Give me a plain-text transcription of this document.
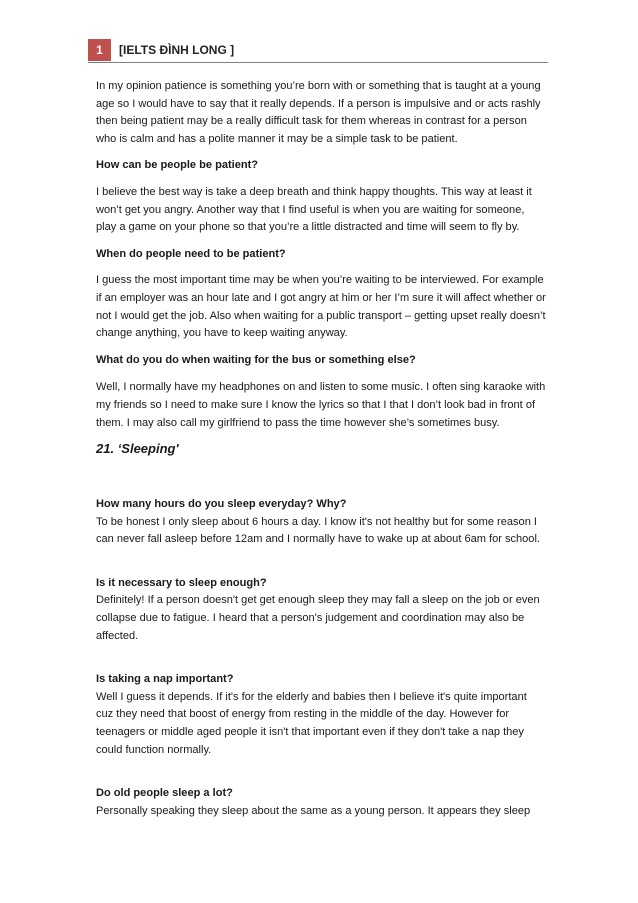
1	[IELTS ĐÌNH LONG ]

In my opinion patience is something you’re born with or something that is taught at a young age so I would have to say that it really depends. If a person is impulsive and or acts rashly then being patient may be a really difficult task for them whereas in contrast for a person who is calm and has a polite manner it may be a simple task to be patient.

How can be people be patient?

I believe the best way is take a deep breath and think happy thoughts. This way at least it won’t get you angry. Another way that I find useful is when you are waiting for someone, play a game on your phone so that you’re a little distracted and time will seem to fly by.

When do people need to be patient?

I guess the most important time may be when you’re waiting to be interviewed. For example if an employer was an hour late and I got angry at him or her I’m sure it will affect whether or not I would get the job. Also when waiting for a public transport – getting upset really doesn’t change anything, you have to keep waiting anyway.

What do you do when waiting for the bus or something else?

Well, I normally have my headphones on and listen to some music. I often sing karaoke with my friends so I need to make sure I know the lyrics so that I that I don’t look bad in front of them. I may also call my girlfriend to pass the time however she’s sometimes busy.

21. ‘Sleeping'

How many hours do you sleep everyday? Why?

To be honest I only sleep about 6 hours a day. I know it's not healthy but for some reason I can never fall asleep before 12am and I normally have to wake up at about 6am for school.

Is it necessary to sleep enough?

Definitely! If a person doesn't get get enough sleep they may fall a sleep on the job or even collapse due to fatigue. I heard that a person's judgement and coordination may also be affected.

Is taking a nap important?

Well I guess it depends. If it's for the elderly and babies then I believe it's quite important cuz they need that boost of energy from resting in the middle of the day. However for teenagers or middle aged people it isn't that important even if they don't take a nap they could function normally.

Do old people sleep a lot?

Personally speaking they sleep about the same as a young person. It appears they sleep
